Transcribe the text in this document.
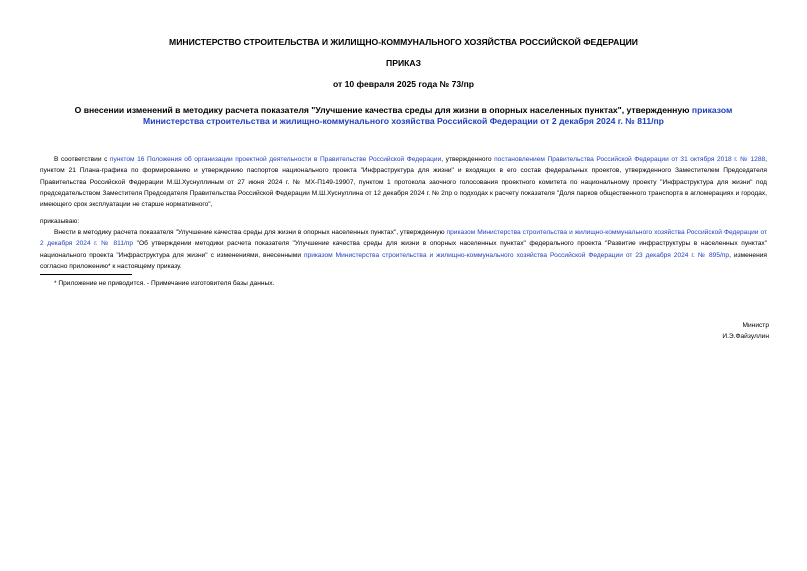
МИНИСТЕРСТВО СТРОИТЕЛЬСТВА И ЖИЛИЩНО-КОММУНАЛЬНОГО ХОЗЯЙСТВА РОССИЙСКОЙ ФЕДЕРАЦИИ
ПРИКАЗ
от 10 февраля 2025 года № 73/пр
О внесении изменений в методику расчета показателя "Улучшение качества среды для жизни в опорных населенных пунктах", утвержденную приказом Министерства строительства и жилищно-коммунального хозяйства Российской Федерации от 2 декабря 2024 г. № 811/пр
В соответствии с пунктом 16 Положения об организации проектной деятельности в Правительстве Российской Федерации, утвержденного постановлением Правительства Российской Федерации от 31 октября 2018 г. № 1288, пунктом 21 Плана-графика по формированию и утверждению паспортов национального проекта "Инфраструктура для жизни" и входящих в его состав федеральных проектов, утвержденного Заместителем Председателя Правительства Российской Федерации М.Ш.Хуснуллиным от 27 июня 2024 г. № МХ-П149-19907, пунктом 1 протокола заочного голосования проектного комитета по национальному проекту "Инфраструктура для жизни" под председательством Заместителя Председателя Правительства Российской Федерации М.Ш.Хуснуллина от 12 декабря 2024 г. № 2пр о подходах к расчету показателя "Доля парков общественного транспорта в агломерациях и городах, имеющего срок эксплуатации не старше нормативного",
приказываю:
Внести в методику расчета показателя "Улучшение качества среды для жизни в опорных населенных пунктах", утвержденную приказом Министерства строительства и жилищно-коммунального хозяйства Российской Федерации от 2 декабря 2024 г. № 811/пр "Об утверждении методики расчета показателя "Улучшение качества среды для жизни в опорных населенных пунктах" федерального проекта "Развитие инфраструктуры в населенных пунктах" национального проекта "Инфраструктура для жизни" с изменениями, внесенными приказом Министерства строительства и жилищно-коммунального хозяйства Российской Федерации от 23 декабря 2024 г. № 895/пр, изменения согласно приложению* к настоящему приказу.
* Приложение не приводится. - Примечание изготовителя базы данных.
Министр
И.Э.Файзуллин
